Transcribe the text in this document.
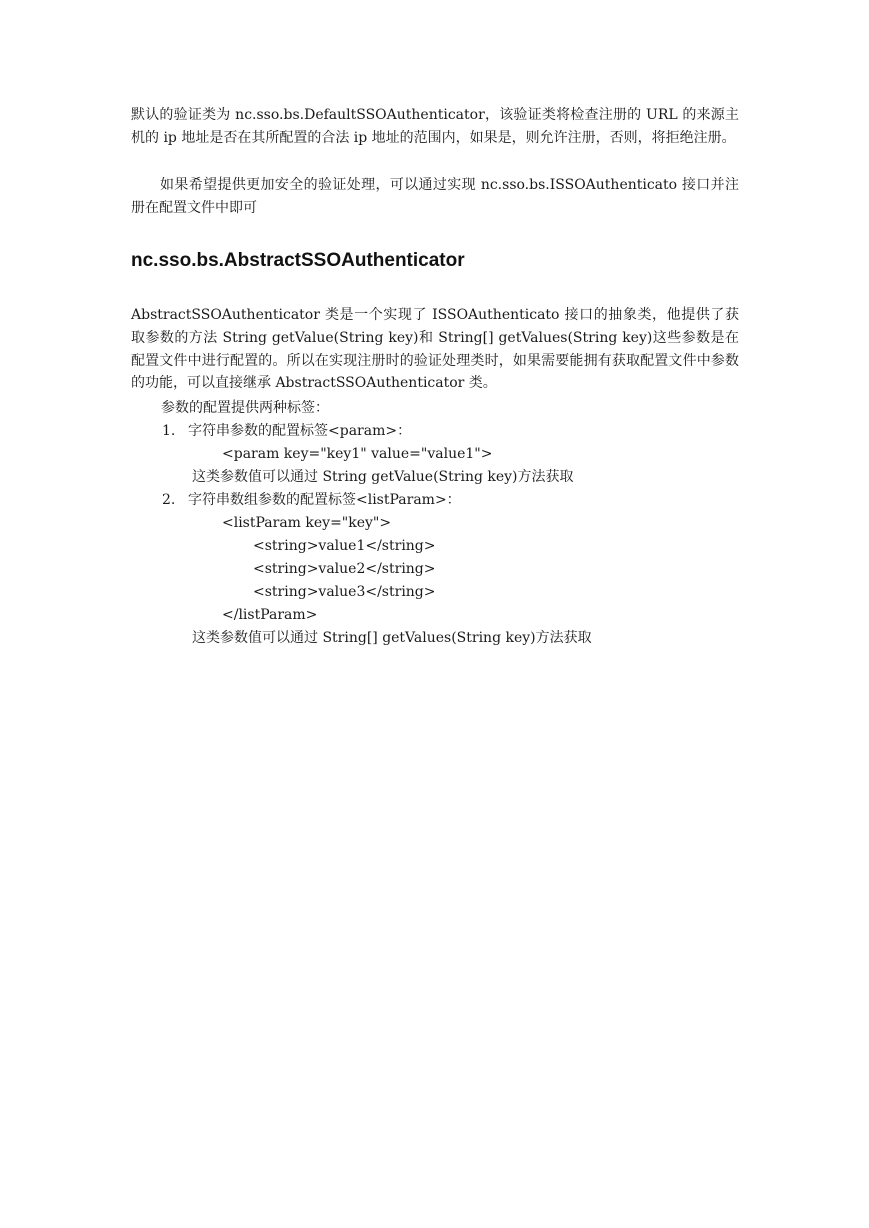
默认的验证类为 nc.sso.bs.DefaultSSOAuthenticator，该验证类将检查注册的 URL 的来源主机的 ip 地址是否在其所配置的合法 ip 地址的范围内，如果是，则允许注册，否则，将拒绝注册。

如果希望提供更加安全的验证处理，可以通过实现 nc.sso.bs.ISSOAuthenticato 接口并注册在配置文件中即可

nc.sso.bs.AbstractSSOAuthenticator

AbstractSSOAuthenticator 类是一个实现了 ISSOAuthenticato 接口的抽象类，他提供了获取参数的方法 String getValue(String key)和 String[] getValues(String key)这些参数是在配置文件中进行配置的。所以在实现注册时的验证处理类时，如果需要能拥有获取配置文件中参数的功能，可以直接继承 AbstractSSOAuthenticator 类。

参数的配置提供两种标签：

1. 字符串参数的配置标签<param>：
<param key="key1" value="value1">
这类参数值可以通过 String getValue(String key)方法获取
2. 字符串数组参数的配置标签<listParam>：
<listParam key="key">
<string>value1</string>
<string>value2</string>
<string>value3</string>
</listParam>
这类参数值可以通过 String[] getValues(String key)方法获取
